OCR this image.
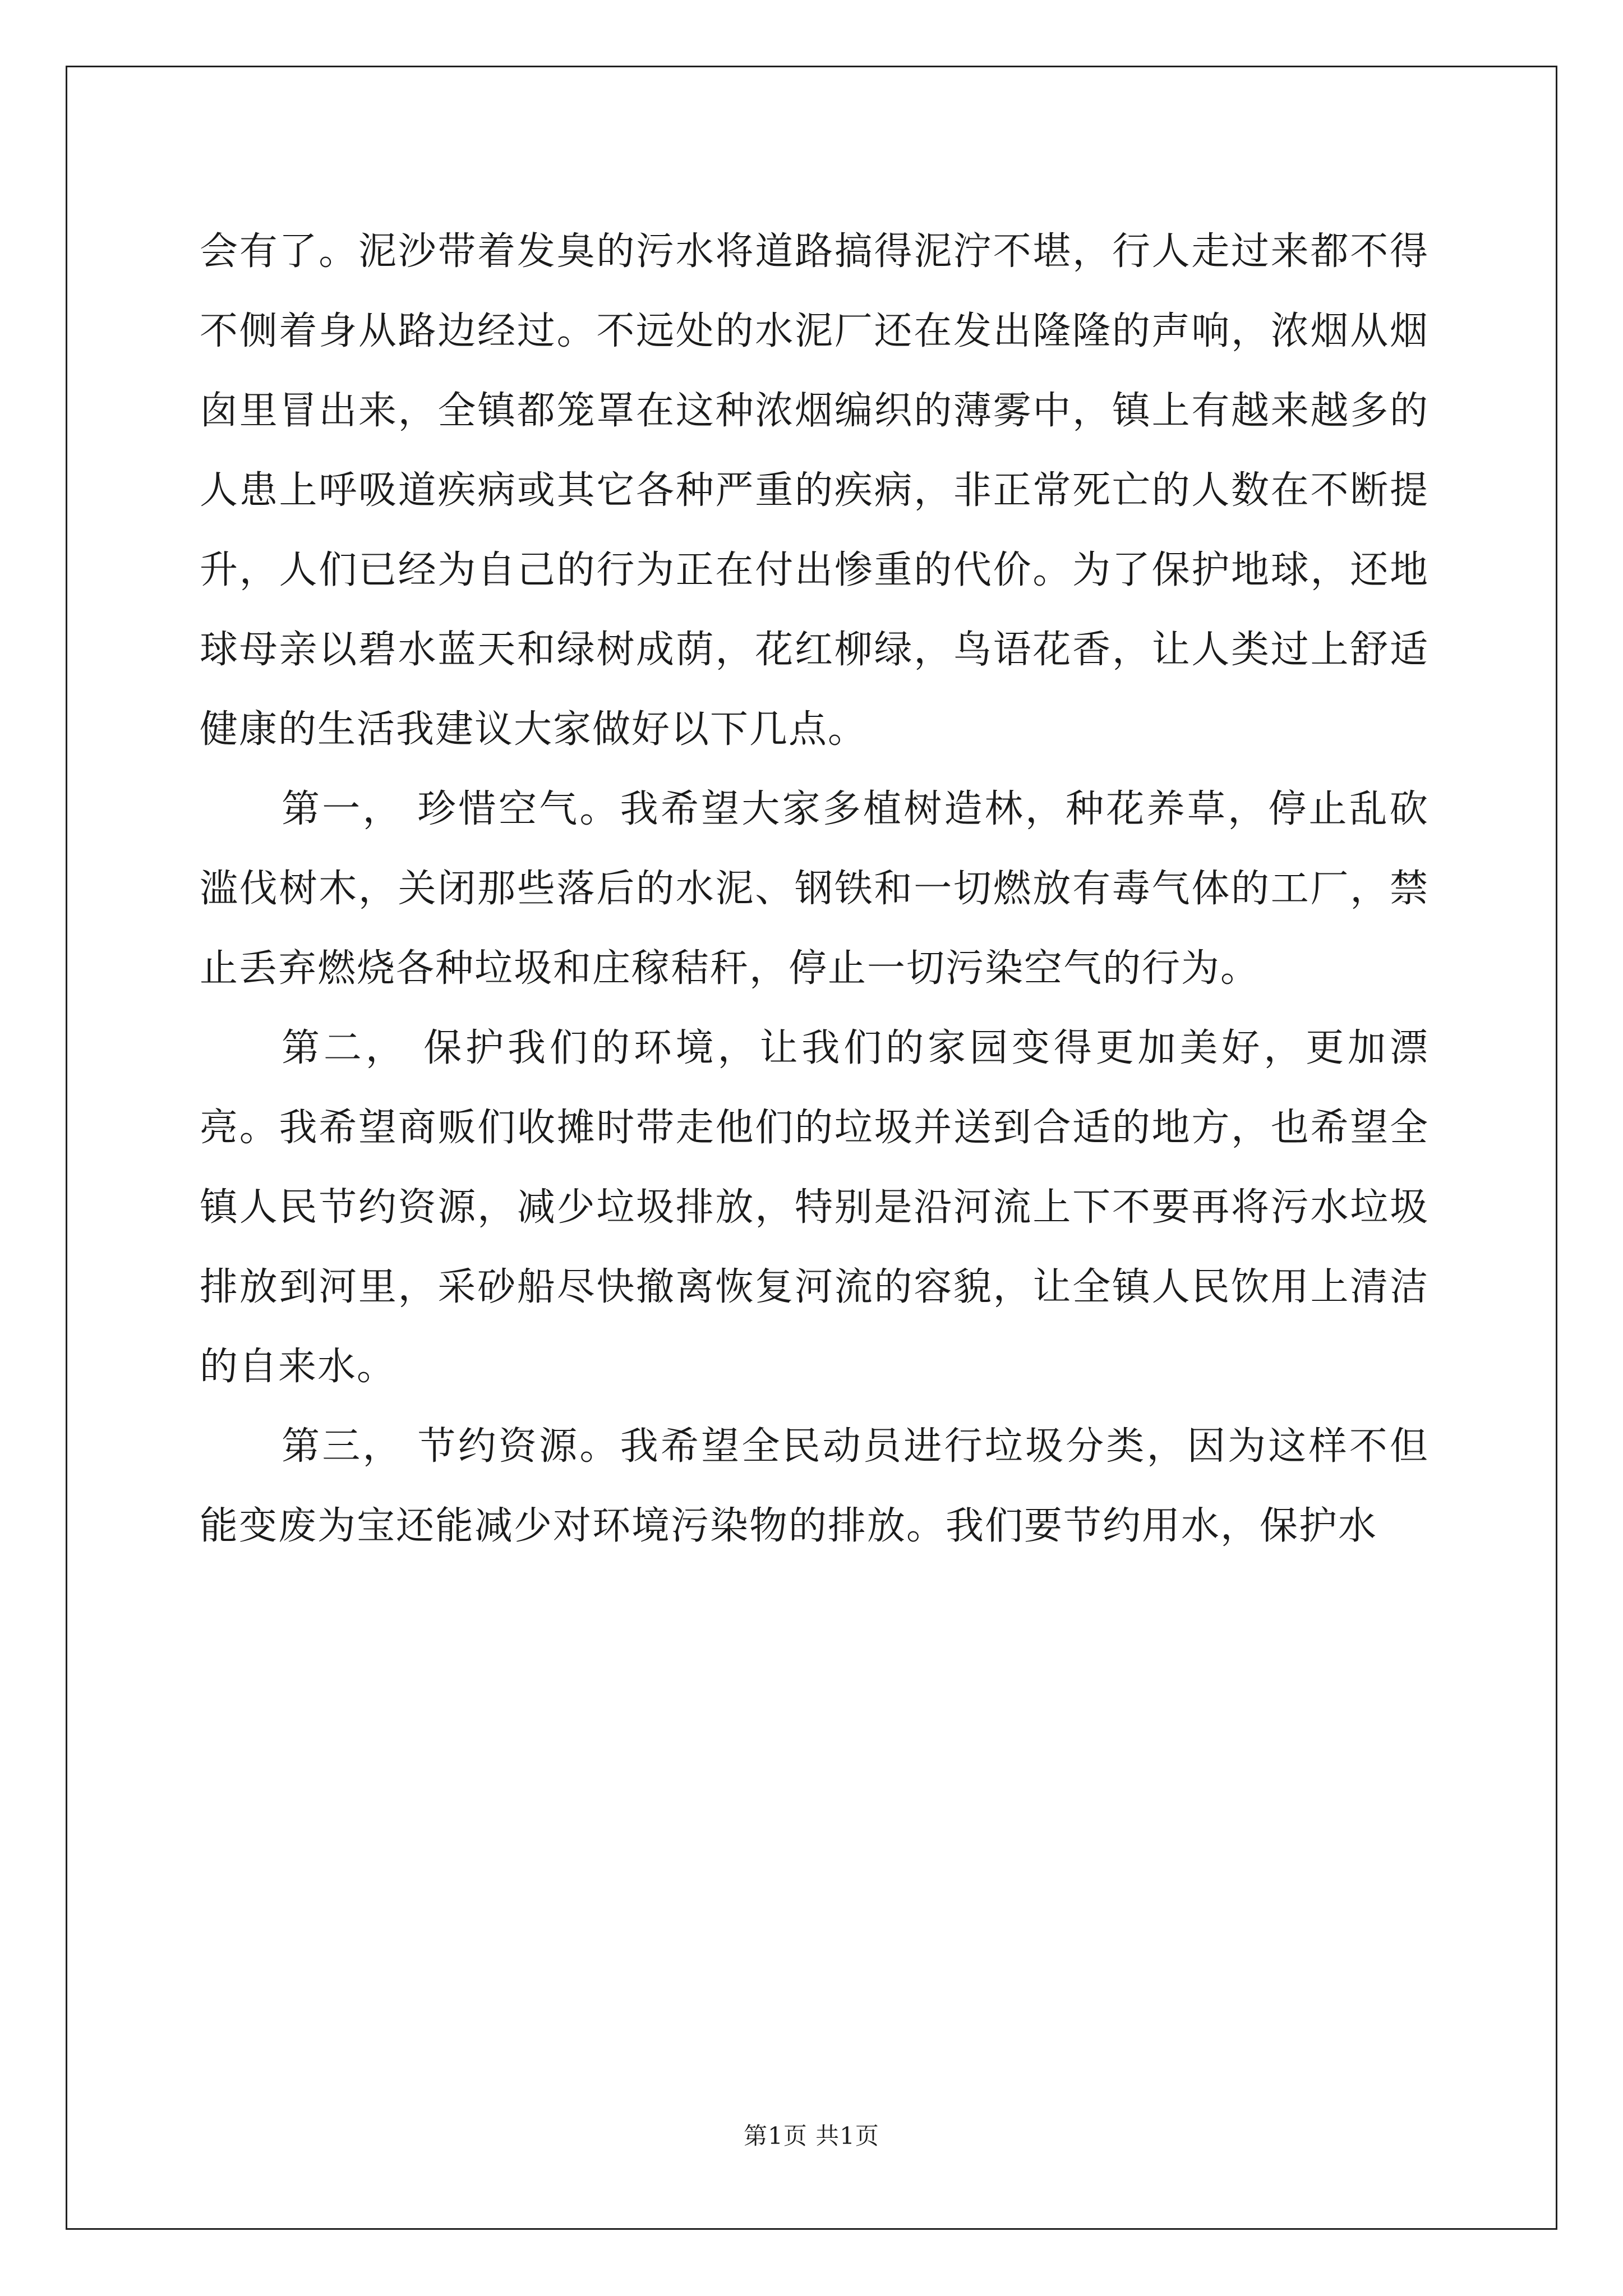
会有了。泥沙带着发臭的污水将道路搞得泥泞不堪，行人走过来都不得不侧着身从路边经过。不远处的水泥厂还在发出隆隆的声响，浓烟从烟囱里冒出来，全镇都笼罩在这种浓烟编织的薄雾中，镇上有越来越多的人患上呼吸道疾病或其它各种严重的疾病，非正常死亡的人数在不断提升，人们已经为自己的行为正在付出惨重的代价。为了保护地球，还地球母亲以碧水蓝天和绿树成荫，花红柳绿，鸟语花香，让人类过上舒适健康的生活我建议大家做好以下几点。

第一， 珍惜空气。我希望大家多植树造林，种花养草，停止乱砍滥伐树木，关闭那些落后的水泥、钢铁和一切燃放有毒气体的工厂，禁止丢弃燃烧各种垃圾和庄稼秸秆，停止一切污染空气的行为。

第二， 保护我们的环境，让我们的家园变得更加美好，更加漂亮。我希望商贩们收摊时带走他们的垃圾并送到合适的地方，也希望全镇人民节约资源，减少垃圾排放，特别是沿河流上下不要再将污水垃圾排放到河里，采砂船尽快撤离恢复河流的容貌，让全镇人民饮用上清洁的自来水。

第三， 节约资源。我希望全民动员进行垃圾分类，因为这样不但能变废为宝还能减少对环境污染物的排放。我们要节约用水，保护水

第1页 共1页
